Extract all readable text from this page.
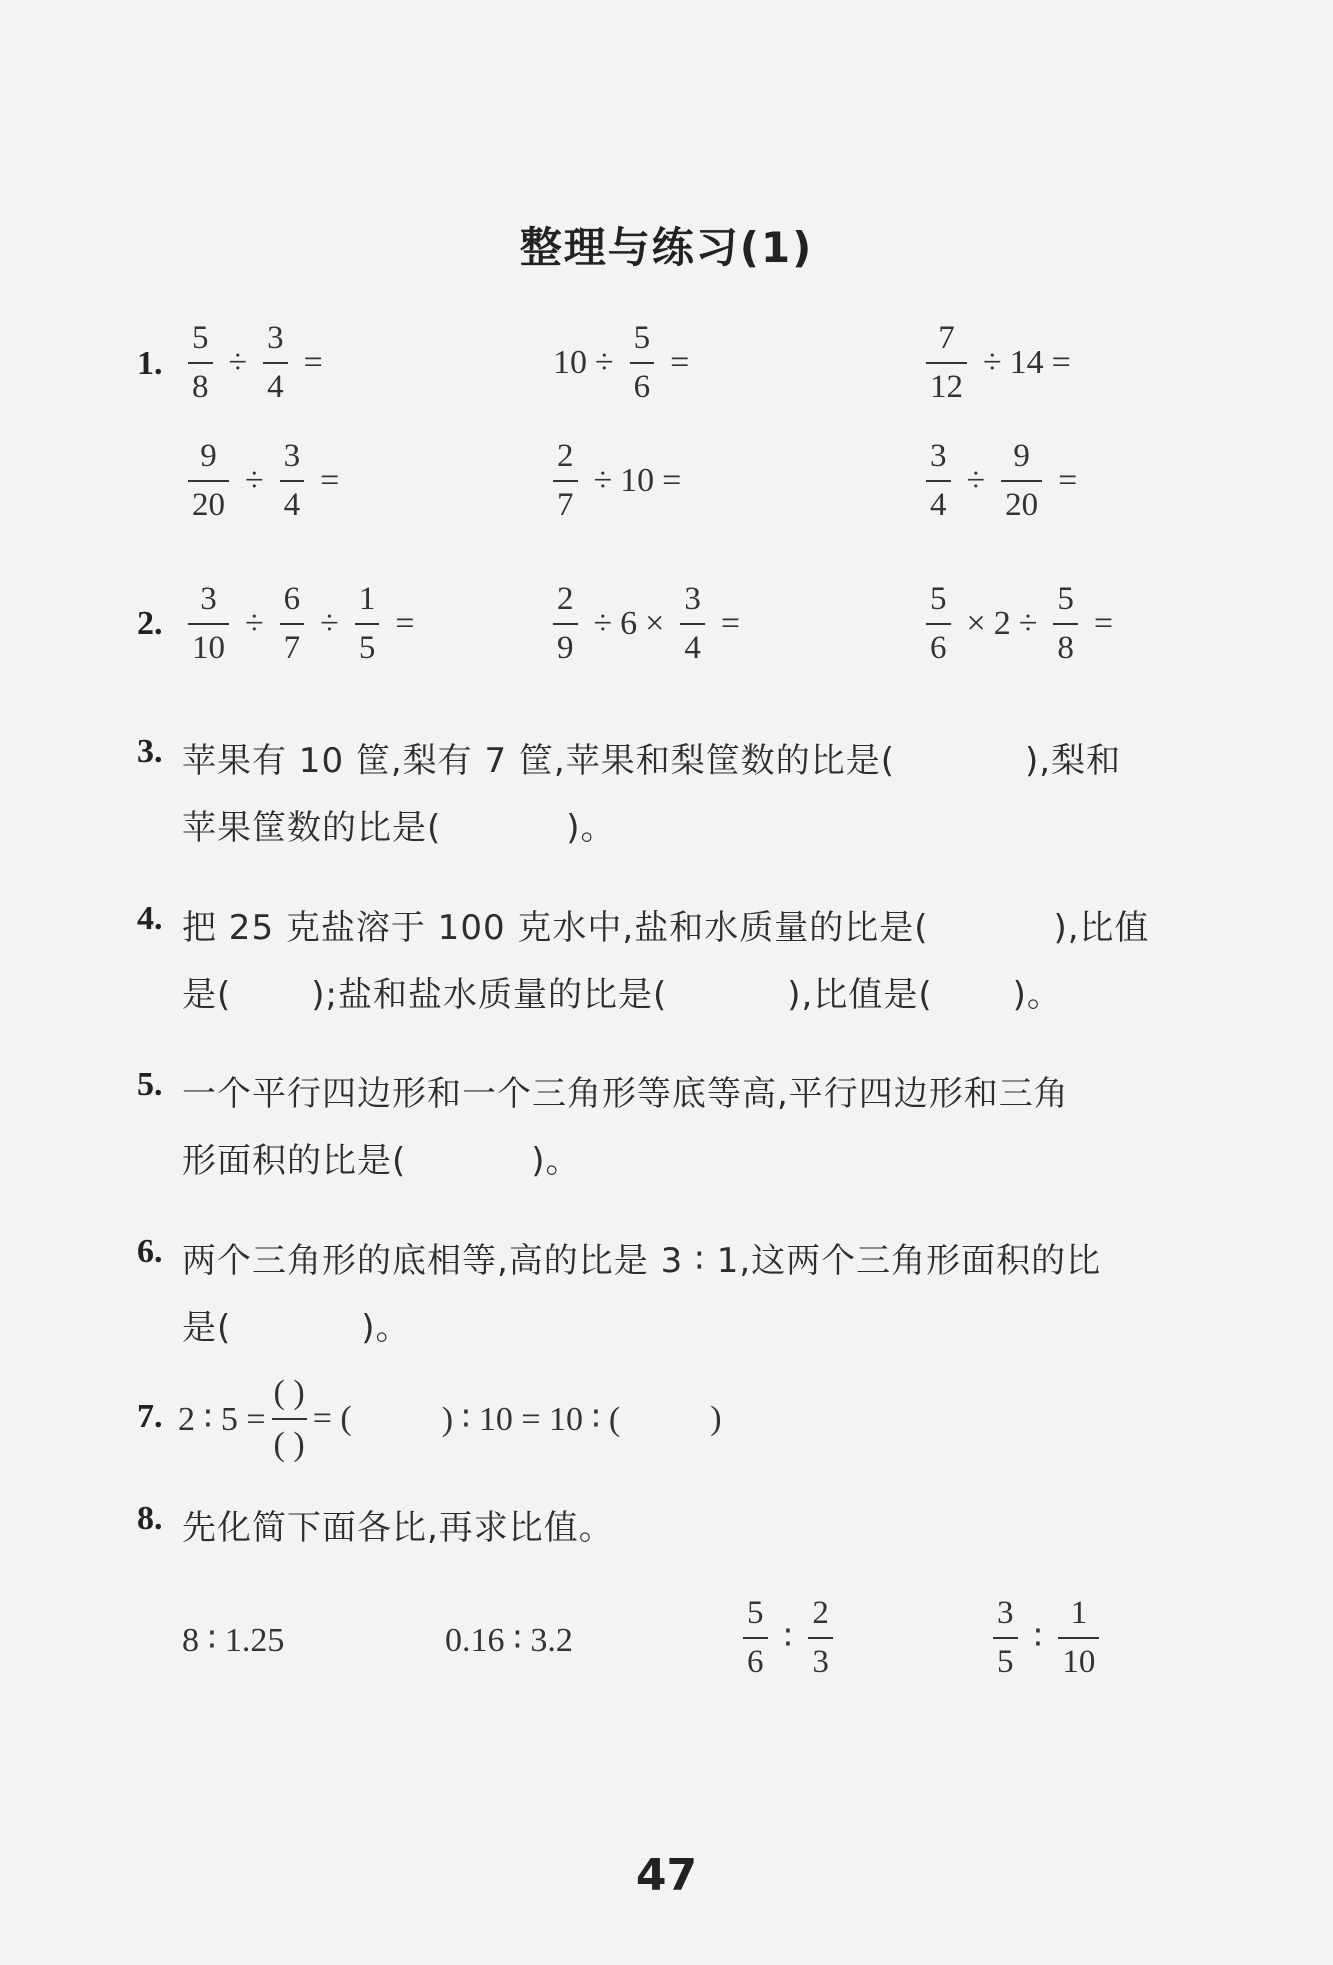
整理与练习(1)
1. $\frac{5}{8} \div \frac{3}{4}$ =	$10 \div \frac{5}{6}$ =	$\frac{7}{12} \div 14$ =
$\frac{9}{20} \div \frac{3}{4}$ =	$\frac{2}{7} \div 10$ =	$\frac{3}{4} \div \frac{9}{20}$ =
2. $\frac{3}{10} \div \frac{6}{7} \div \frac{1}{5}$ =	$\frac{2}{9} \div 6 \times \frac{3}{4}$ =	$\frac{5}{6} \times 2 \div \frac{5}{8}$ =
3. 苹果有 10 筐,梨有 7 筐,苹果和梨筐数的比是(	),梨和
苹果筐数的比是(	)。
4. 把 25 克盐溶于 100 克水中,盐和水质量的比是(	),比值
是( );盐和盐水质量的比是(	),比值是( )。
5. 一个平行四边形和一个三角形等底等高,平行四边形和三角
形面积的比是(	)。
6. 两个三角形的底相等,高的比是 3 ∶ 1,这两个三角形面积的比
是(	)。
7. 2 ∶ 5 =
( )
( )
= (	) ∶ 10 = 10 ∶ (	)
8. 先化简下面各比,再求比值。
8 ∶ 1.25	0.16 ∶ 3.2	$\frac{5}{6}$ ∶ $\frac{2}{3}$	$\frac{3}{5}$ ∶ $\frac{1}{10}$
47
